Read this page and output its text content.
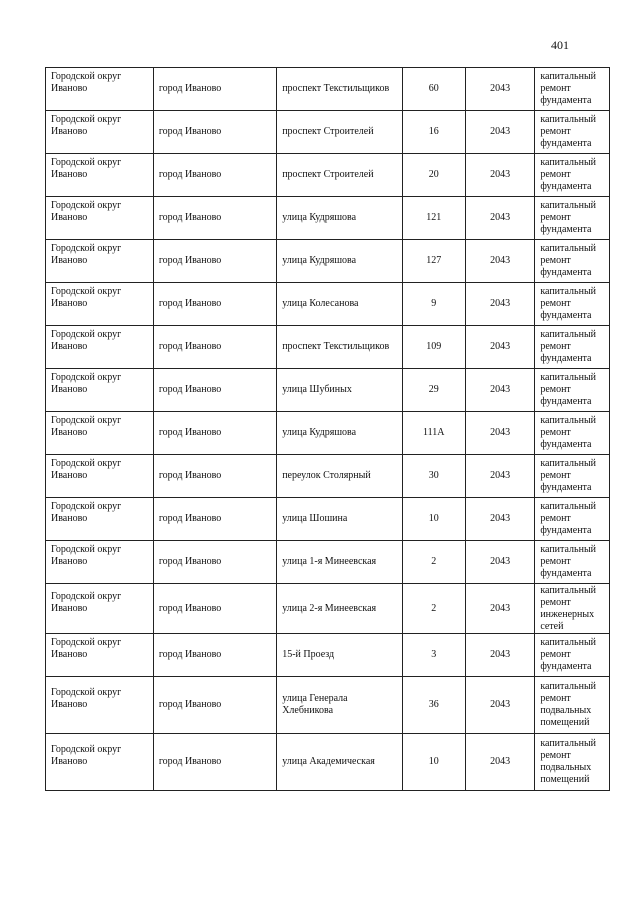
401
Городской округ Иваново	город Иваново	проспект Текстильщиков	60	2043	капитальный ремонт фундамента

Городской округ Иваново	город Иваново	проспект Строителей	16	2043	капитальный ремонт фундамента

Городской округ Иваново	город Иваново	проспект Строителей	20	2043	капитальный ремонт фундамента

Городской округ Иваново	город Иваново	улица Кудряшова	121	2043	капитальный ремонт фундамента

Городской округ Иваново	город Иваново	улица Кудряшова	127	2043	капитальный ремонт фундамента

Городской округ Иваново	город Иваново	улица Колесанова	9	2043	капитальный ремонт фундамента

Городской округ Иваново	город Иваново	проспект Текстильщиков	109	2043	капитальный ремонт фундамента

Городской округ Иваново	город Иваново	улица Шубиных	29	2043	капитальный ремонт фундамента

Городской округ Иваново	город Иваново	улица Кудряшова	111А	2043	капитальный ремонт фундамента

Городской округ Иваново	город Иваново	переулок Столярный	30	2043	капитальный ремонт фундамента

Городской округ Иваново	город Иваново	улица Шошина	10	2043	капитальный ремонт фундамента

Городской округ Иваново	город Иваново	улица 1-я Минеевская	2	2043	капитальный ремонт фундамента

Городской округ Иваново	город Иваново	улица 2-я Минеевская	2	2043	капитальный ремонт инженерных сетей

Городской округ Иваново	город Иваново	15-й Проезд	3	2043	капитальный ремонт фундамента

Городской округ Иваново	город Иваново	улица Генерала Хлебникова	36	2043	капитальный ремонт подвальных помещений

Городской округ Иваново	город Иваново	улица Академическая	10	2043	капитальный ремонт подвальных помещений
